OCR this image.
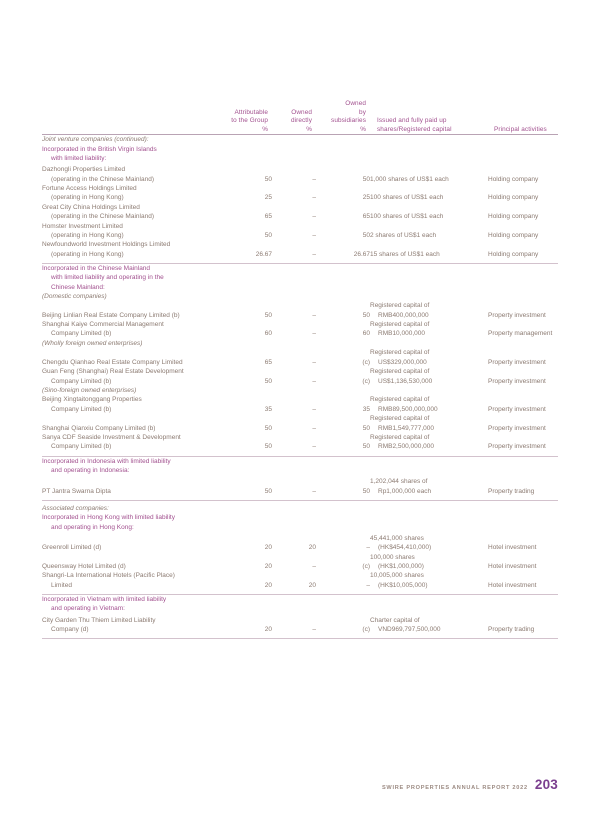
	Attributable
to the Group
%	Owned
directly
%	Owned
by
subsidiaries
%	Issued and fully paid up
shares/Registered capital	Principal activities

Joint venture companies (continued):					
Incorporated in the British Virgin Islands
with limited liability:					

Dazhongli Properties Limited
(operating in the Chinese Mainland)	50	–	50	1,000 shares of US$1 each	Holding company
Fortune Access Holdings Limited
(operating in Hong Kong)	25	–	25	100 shares of US$1 each	Holding company
Great City China Holdings Limited
(operating in the Chinese Mainland)	65	–	65	100 shares of US$1 each	Holding company
Homster Investment Limited
(operating in Hong Kong)	50	–	50	2 shares of US$1 each	Holding company
Newfoundworld Investment Holdings Limited
(operating in Hong Kong)	26.67	–	26.67	15 shares of US$1 each	Holding company

Incorporated in the Chinese Mainland
with limited liability and operating in the
Chinese Mainland:					

(Domestic companies)					
Beijing Linlian Real Estate Company Limited (b)	50	–	50	Registered capital of
RMB400,000,000	Property investment
Shanghai Kaiye Commercial Management
Company Limited (b)	60	–	60	Registered capital of
RMB10,000,000	Property management
(Wholly foreign owned enterprises)					
Chengdu Qianhao Real Estate Company Limited	65	–	(c)	Registered capital of
US$329,000,000	Property investment
Guan Feng (Shanghai) Real Estate Development
Company Limited (b)	50	–	(c)	Registered capital of
US$1,136,530,000	Property investment
(Sino-foreign owned enterprises)					
Beijing Xingtaitonggang Properties
Company Limited (b)	35	–	35	Registered capital of
RMB89,500,000,000	Property investment
Shanghai Qianxiu Company Limited (b)	50	–	50	Registered capital of
RMB1,549,777,000	Property investment
Sanya CDF Seaside Investment & Development
Company Limited (b)	50	–	50	Registered capital of
RMB2,500,000,000	Property investment

Incorporated in Indonesia with limited liability
and operating in Indonesia:					

PT Jantra Swarna Dipta	50	–	50	1,202,044 shares of
Rp1,000,000 each	Property trading

Associated companies:					
Incorporated in Hong Kong with limited liability
and operating in Hong Kong:					

Greenroll Limited (d)	20	20	–	45,441,000 shares
(HK$454,410,000)	Hotel investment
Queensway Hotel Limited (d)	20	–	(c)	100,000 shares
(HK$1,000,000)	Hotel investment
Shangri-La International Hotels (Pacific Place)
Limited	20	20	–	10,005,000 shares
(HK$10,005,000)	Hotel investment

Incorporated in Vietnam with limited liability
and operating in Vietnam:					

City Garden Thu Thiem Limited Liability
Company (d)	20	–	(c)	Charter capital of
VND969,797,500,000	Property trading

SWIRE PROPERTIES ANNUAL REPORT 2022 203
